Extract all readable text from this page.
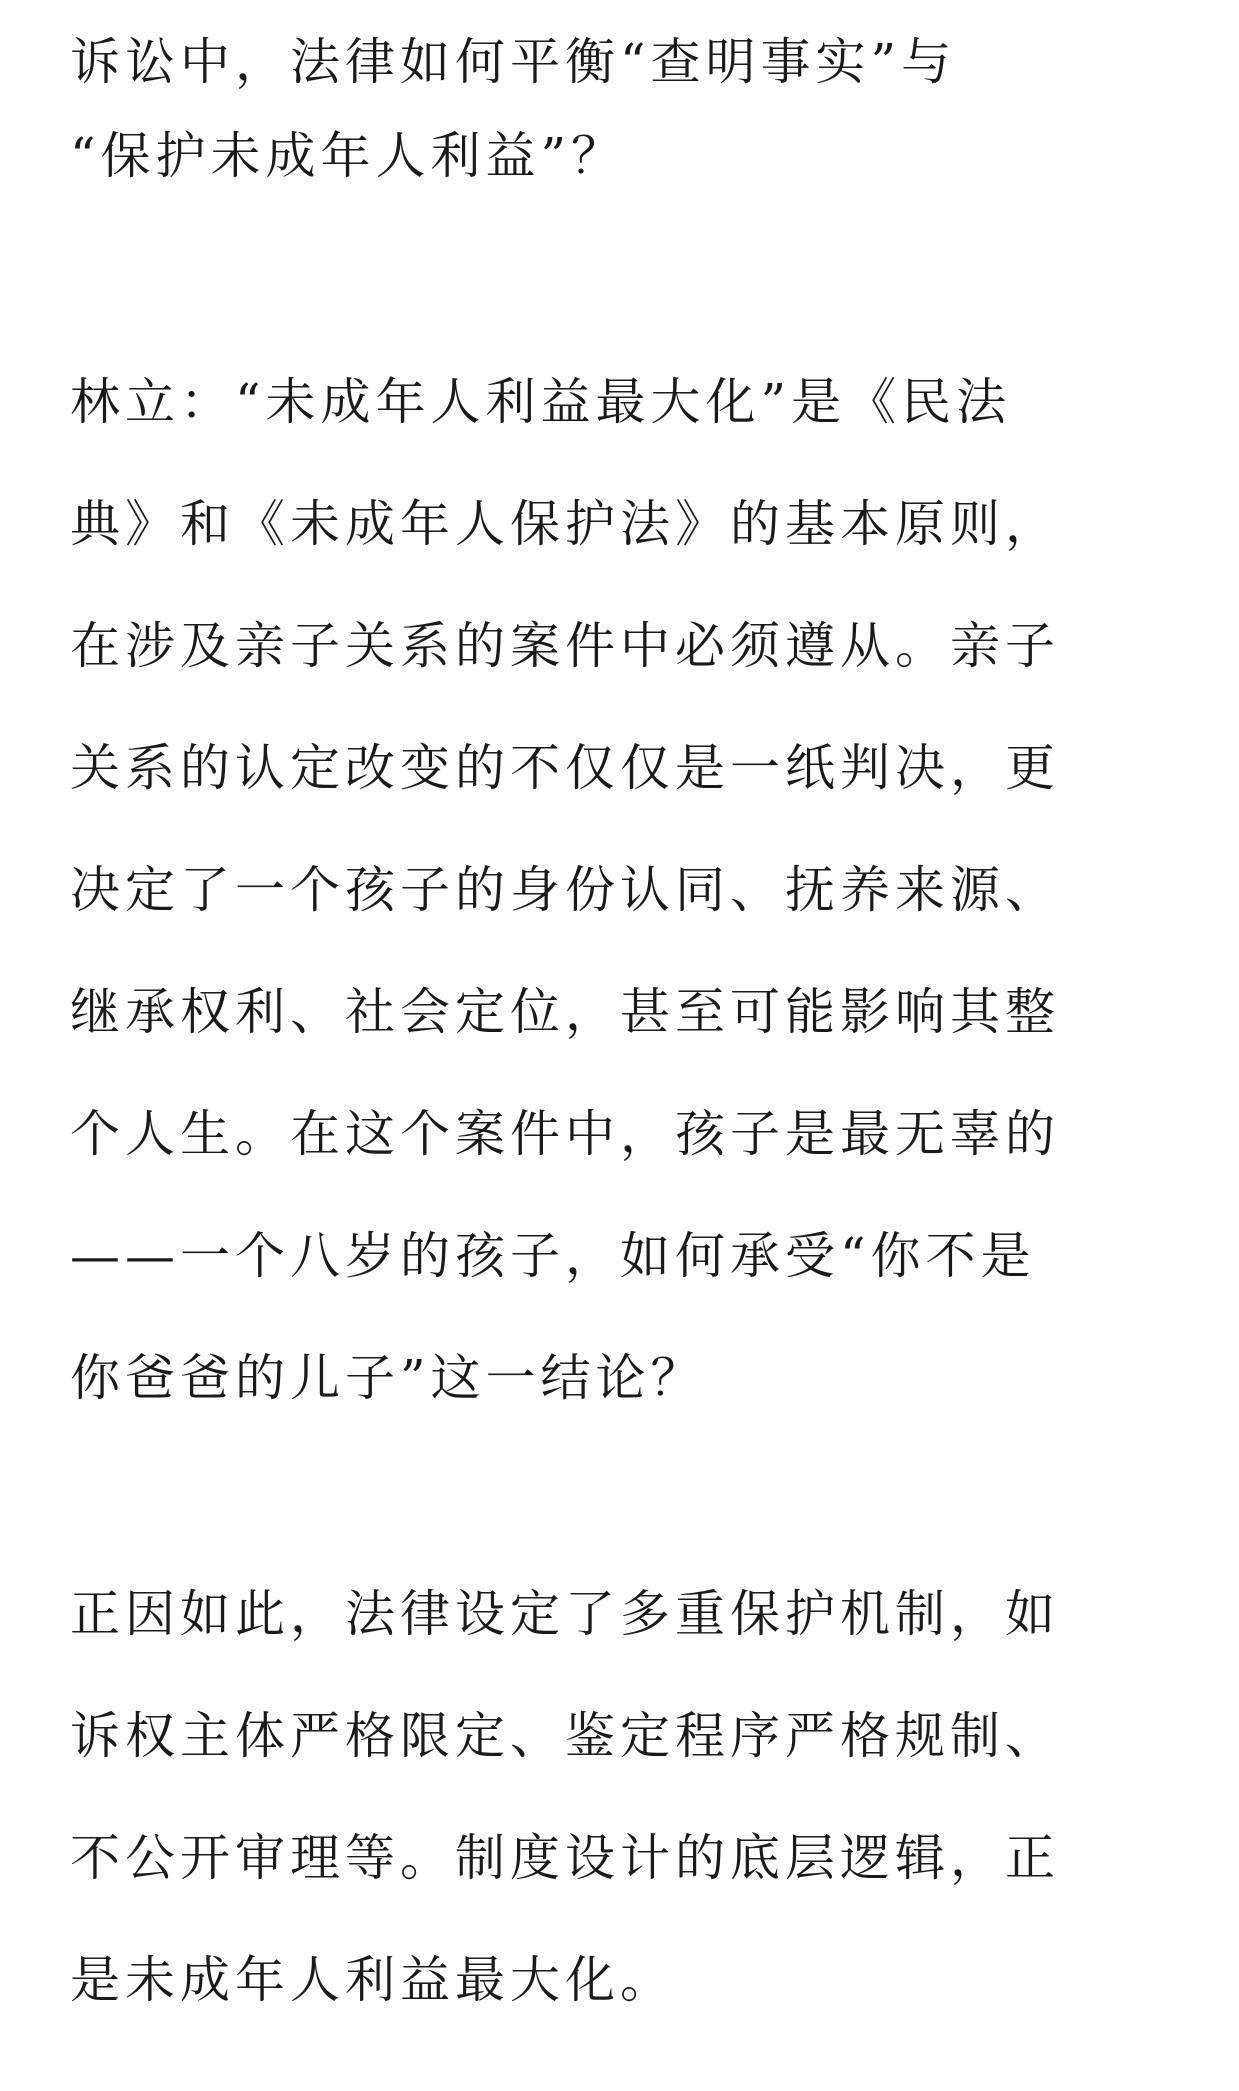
诉讼中，法律如何平衡“查明事实”与
“保护未成年人利益”？
林立：“未成年人利益最大化”是《民法
典》和《未成年人保护法》的基本原则，
在涉及亲子关系的案件中必须遵从。亲子
关系的认定改变的不仅仅是一纸判决，更
决定了一个孩子的身份认同、抚养来源、
继承权利、社会定位，甚至可能影响其整
个人生。在这个案件中，孩子是最无辜的
——一个八岁的孩子，如何承受“你不是
你爸爸的儿子”这一结论？
正因如此，法律设定了多重保护机制，如
诉权主体严格限定、鉴定程序严格规制、
不公开审理等。制度设计的底层逻辑，正
是未成年人利益最大化。
